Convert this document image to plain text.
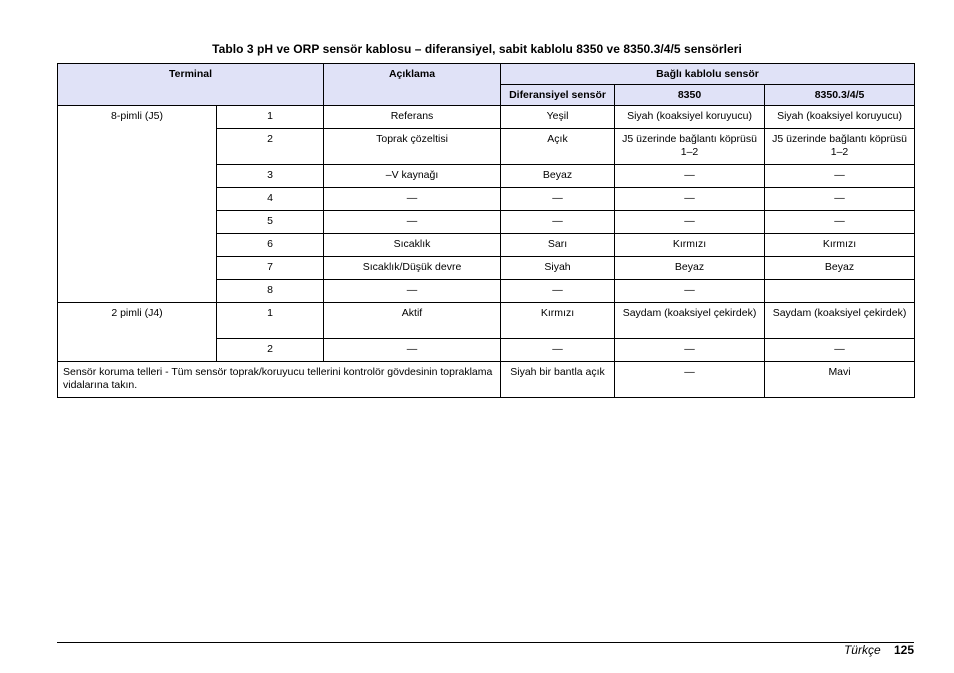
Tablo 3 pH ve ORP sensör kablosu – diferansiyel, sabit kablolu 8350 ve 8350.3/4/5 sensörleri
Terminal		Açıklama	Bağlı kablolu sensör		
			Diferansiyel sensör	8350	8350.3/4/5
8-pimli (J5)	1	Referans	Yeşil	Siyah (koaksiyel koruyucu)	Siyah (koaksiyel koruyucu)
	2	Toprak çözeltisi	Açık	J5 üzerinde bağlantı köprüsü 1–2	J5 üzerinde bağlantı köprüsü 1–2
	3	–V kaynağı	Beyaz	—	—
	4	—	—	—	—
	5	—	—	—	—
	6	Sıcaklık	Sarı	Kırmızı	Kırmızı
	7	Sıcaklık/Düşük devre	Siyah	Beyaz	Beyaz
	8	—	—	—	
2 pimli (J4)	1	Aktif	Kırmızı	Saydam (koaksiyel çekirdek)	Saydam (koaksiyel çekirdek)
	2	—	—	—	—
Sensör koruma telleri - Tüm sensör toprak/koruyucu tellerini kontrolör gövdesinin topraklama vidalarına takın.			Siyah bir bantla açık	—	Mavi
Türkçe 125
